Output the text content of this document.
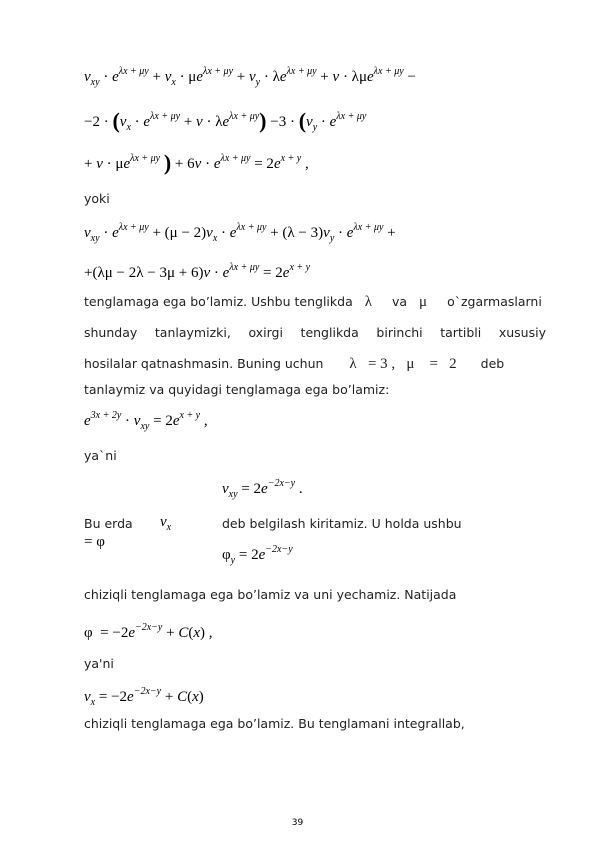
$v_{xy} \cdot e^{\lambda x + \mu y} + v_x \cdot \mu e^{\lambda x + \mu y} + v_y \cdot \lambda e^{\lambda x + \mu y} + v \cdot \lambda\mu e^{\lambda x + \mu y}$ −
$-2 \cdot (v_x \cdot e^{\lambda x + \mu y} + v \cdot \lambda e^{\lambda x + \mu y}) -3 \cdot (v_y \cdot e^{\lambda x + \mu y}$
+ $v \cdot \mu e^{\lambda x + \mu y}$ ) + $6v \cdot e^{\lambda x + \mu y} = 2e^{x + y}$ ,
yoki
$v_{xy} \cdot e^{\lambda x + \mu y} + (\mu - 2)v_x \cdot e^{\lambda x + \mu y} + (\lambda - 3)v_y \cdot e^{\lambda x + \mu y}$ +
$+(\lambda\mu - 2\lambda - 3\mu + 6)v \cdot e^{\lambda x + \mu y} = 2e^{x + y}$
tenglamaga ega bo’lamiz. Ushbu tenglikda λ va μ o`zgarmaslarni
shunday tanlaymizki, oxirgi tenglikda birinchi tartibli xususiy
hosilalar qatnashmasin. Buning uchun λ   = 3 ,   μ    =   2 deb
tanlaymiz va quyidagi tenglamaga ega bo’lamiz:
$e^{3x + 2y} \cdot v_{xy} = 2e^{x + y}$ ,
ya`ni
$v_{xy} = 2e^{-2x-y}$ .
Bu erda
= φ
$v_x$	deb belgilash kiritamiz. U holda ushbu
$\varphi_y = 2e^{-2x-y}$
chiziqli tenglamaga ega bo’lamiz va uni yechamiz. Natijada
$\varphi = -2e^{-2x-y} + C(x)$ ,
ya'ni
$v_x = -2e^{-2x-y} + C(x)$
chiziqli tenglamaga ega bo’lamiz. Bu tenglamani integrallab,
39
